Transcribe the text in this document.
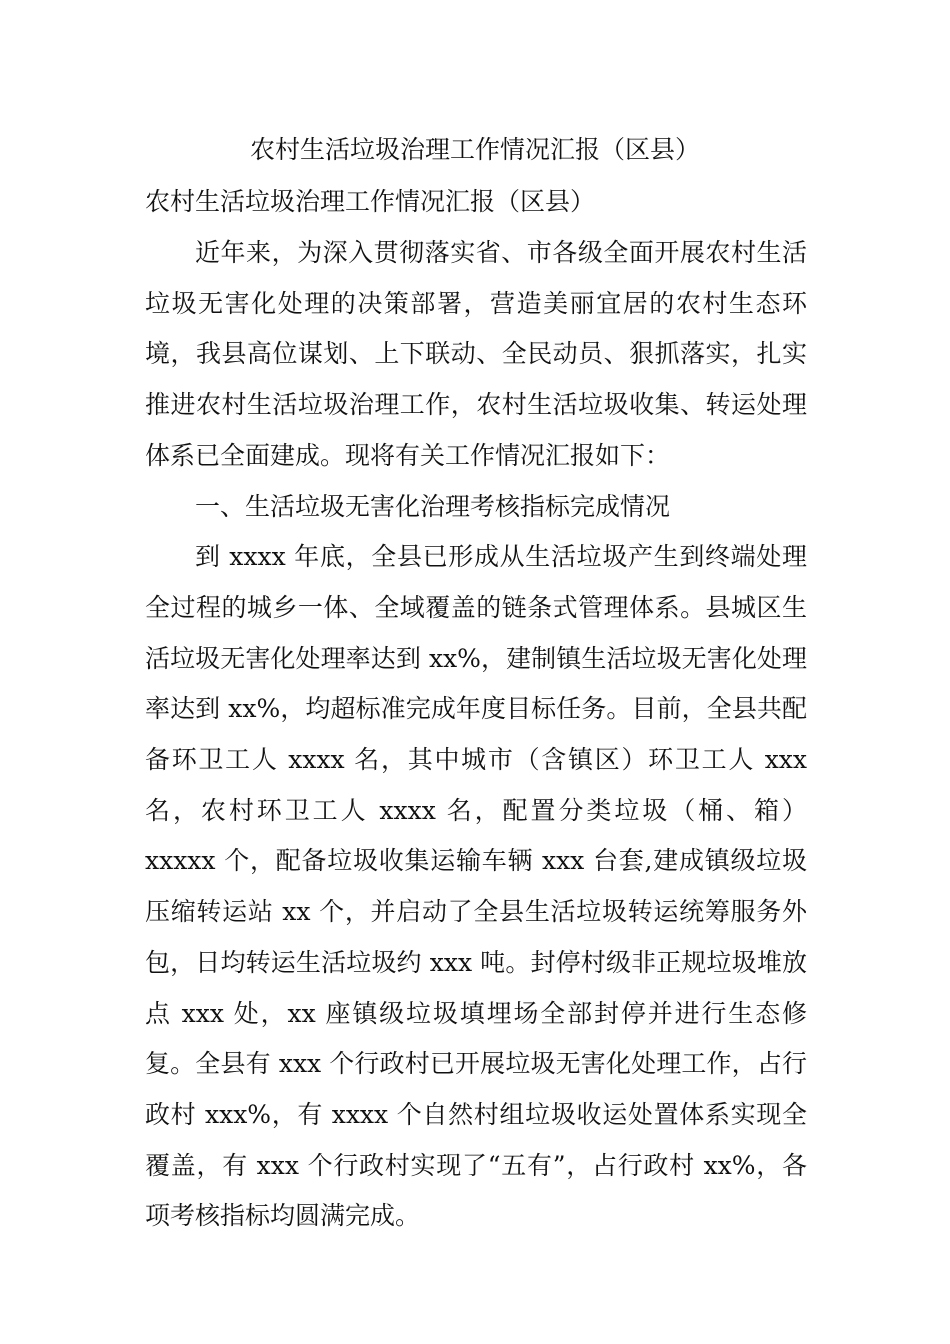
农村生活垃圾治理工作情况汇报（区县）
农村生活垃圾治理工作情况汇报（区县）

近年来，为深入贯彻落实省、市各级全面开展农村生活垃圾无害化处理的决策部署，营造美丽宜居的农村生态环境，我县高位谋划、上下联动、全民动员、狠抓落实，扎实推进农村生活垃圾治理工作，农村生活垃圾收集、转运处理体系已全面建成。现将有关工作情况汇报如下：

一、生活垃圾无害化治理考核指标完成情况

到 xxxx 年底，全县已形成从生活垃圾产生到终端处理全过程的城乡一体、全域覆盖的链条式管理体系。县城区生活垃圾无害化处理率达到 xx%，建制镇生活垃圾无害化处理率达到 xx%，均超标准完成年度目标任务。目前，全县共配备环卫工人 xxxx 名，其中城市（含镇区）环卫工人 xxx 名，农村环卫工人 xxxx 名，配置分类垃圾（桶、箱）xxxxx 个，配备垃圾收集运输车辆 xxx 台套,建成镇级垃圾压缩转运站 xx 个，并启动了全县生活垃圾转运统筹服务外包，日均转运生活垃圾约 xxx 吨。封停村级非正规垃圾堆放点 xxx 处，xx 座镇级垃圾填埋场全部封停并进行生态修复。全县有 xxx 个行政村已开展垃圾无害化处理工作，占行政村 xxx%，有 xxxx 个自然村组垃圾收运处置体系实现全覆盖，有 xxx 个行政村实现了“五有”，占行政村 xx%，各项考核指标均圆满完成。
